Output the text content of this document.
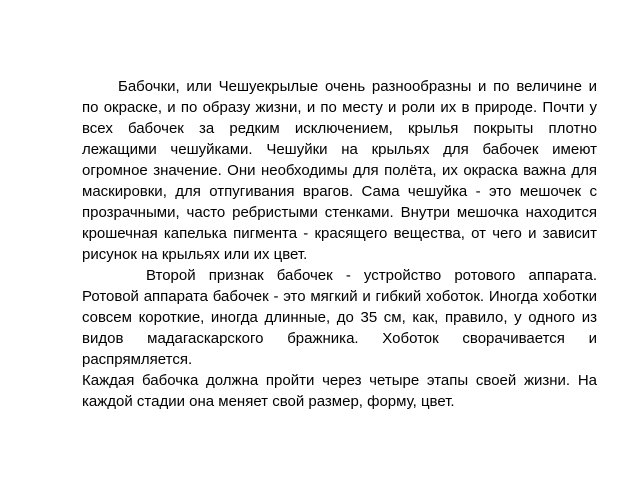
Бабочки, или Чешуекрылые очень разнообразны и по величине и по окраске, и по образу жизни, и по месту и роли их в природе. Почти у всех бабочек за редким исключением, крылья покрыты плотно лежащими чешуйками. Чешуйки на крыльях для бабочек имеют огромное значение. Они необходимы для полёта, их окраска важна для маскировки, для отпугивания врагов. Сама чешуйка - это мешочек с прозрачными, часто ребристыми стенками. Внутри мешочка находится крошечная капелька пигмента - красящего вещества, от чего и зависит рисунок на крыльях или их цвет.

Второй признак бабочек - устройство ротового аппарата. Ротовой аппарата бабочек - это мягкий и гибкий хоботок. Иногда хоботки совсем короткие, иногда длинные, до 35 см, как, правило, у одного из видов мадагаскарского бражника. Хоботок сворачивается и распрямляется.

Каждая бабочка должна пройти через четыре этапы своей жизни. На каждой стадии она меняет свой размер, форму, цвет.
